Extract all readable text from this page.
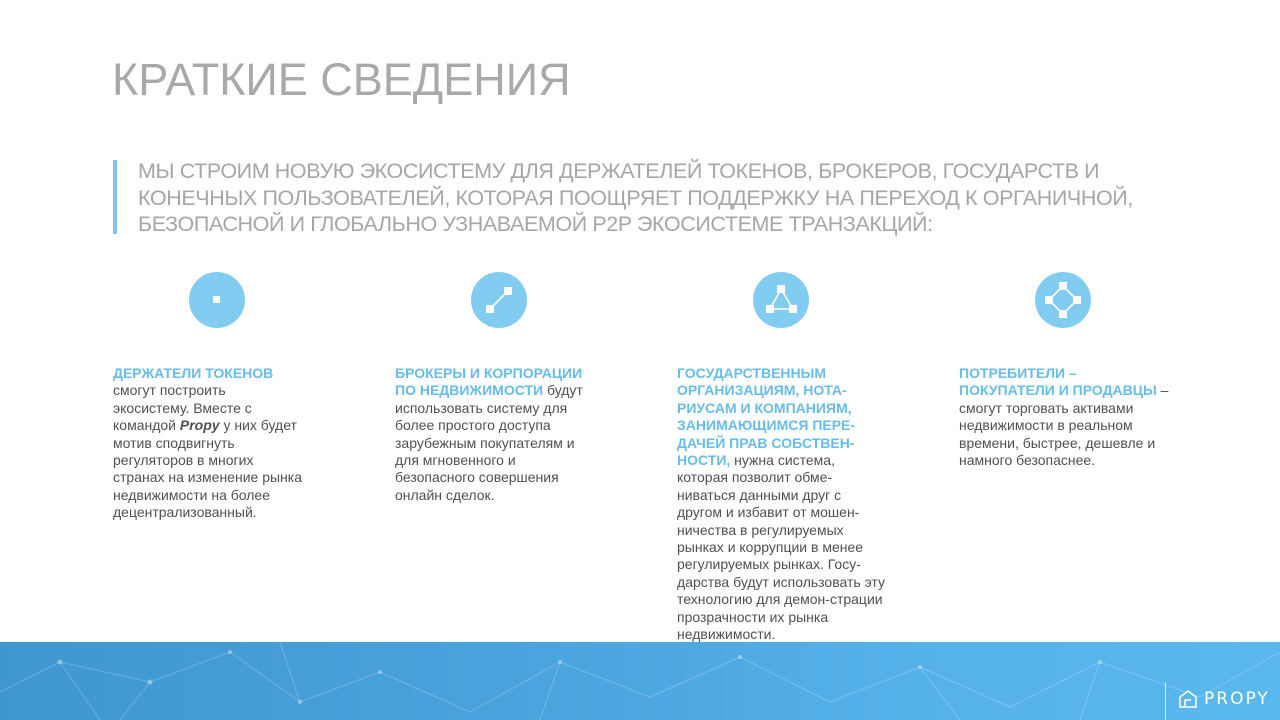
КРАТКИЕ СВЕДЕНИЯ
МЫ СТРОИМ НОВУЮ ЭКОСИСТЕМУ ДЛЯ ДЕРЖАТЕЛЕЙ ТОКЕНОВ, БРОКЕРОВ, ГОСУДАРСТВ И КОНЕЧНЫХ ПОЛЬЗОВАТЕЛЕЙ, КОТОРАЯ ПООЩРЯЕТ ПОДДЕРЖКУ НА ПЕРЕХОД К ОРГАНИЧНОЙ, БЕЗОПАСНОЙ И ГЛОБАЛЬНО УЗНАВАЕМОЙ P2P ЭКОСИСТЕМЕ ТРАНЗАКЦИЙ:
ДЕРЖАТЕЛИ ТОКЕНОВ смогут построить экосистему. Вместе с командой Propy у них будет мотив сподвигнуть регуляторов в многих странах на изменение рынка недвижимости на более децентрализованный.
БРОКЕРЫ И КОРПОРАЦИИ ПО НЕДВИЖИМОСТИ будут использовать систему для более простого доступа зарубежным покупателям и для мгновенного и безопасного совершения онлайн сделок.
ГОСУДАРСТВЕННЫМ ОРГАНИЗАЦИЯМ, НОТА-РИУСАМ И КОМПАНИЯМ, ЗАНИМАЮЩИМСЯ ПЕРЕ-ДАЧЕЙ ПРАВ СОБСТВЕН-НОСТИ, нужна система, которая позволит обме-ниваться данными друг с другом и избавит от мошен-ничества в регулируемых рынках и коррупции в менее регулируемых рынках. Госу-дарства будут использовать эту технологию для демон-страции прозрачности их рынка недвижимости.
ПОТРЕБИТЕЛИ – ПОКУПАТЕЛИ И ПРОДАВЦЫ – смогут торговать активами недвижимости в реальном времени, быстрее, дешевле и намного безопаснее.
PROPY
